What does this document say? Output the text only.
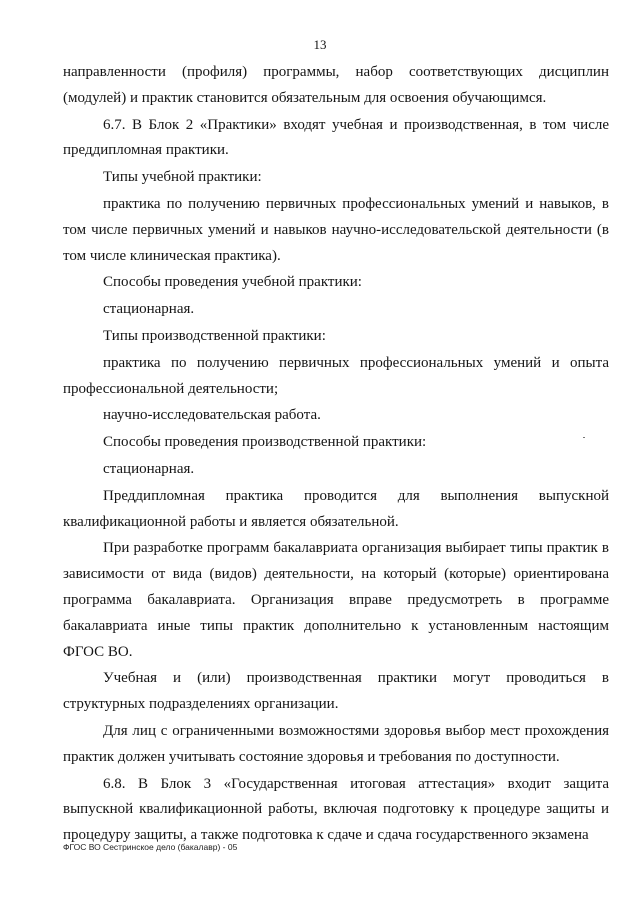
13

направленности (профиля) программы, набор соответствующих дисциплин (модулей) и практик становится обязательным для освоения обучающимся.

6.7. В Блок 2 «Практики» входят учебная и производственная, в том числе преддипломная практики.

Типы учебной практики:

практика по получению первичных профессиональных умений и навыков, в том числе первичных умений и навыков научно-исследовательской деятельности (в том числе клиническая практика).

Способы проведения учебной практики:

стационарная.

Типы производственной практики:

практика по получению первичных профессиональных умений и опыта профессиональной деятельности;

научно-исследовательская работа.

Способы проведения производственной практики:

стационарная.

Преддипломная практика проводится для выполнения выпускной квалификационной работы и является обязательной.

При разработке программ бакалавриата организация выбирает типы практик в зависимости от вида (видов) деятельности, на который (которые) ориентирована программа бакалавриата. Организация вправе предусмотреть в программе бакалавриата иные типы практик дополнительно к установленным настоящим ФГОС ВО.

Учебная и (или) производственная практики могут проводиться в структурных подразделениях организации.

Для лиц с ограниченными возможностями здоровья выбор мест прохождения практик должен учитывать состояние здоровья и требования по доступности.

6.8. В Блок 3 «Государственная итоговая аттестация» входит защита выпускной квалификационной работы, включая подготовку к процедуре защиты и процедуру защиты, а также подготовка к сдаче и сдача государственного экзамена

ФГОС ВО Сестринское дело (бакалавр) - 05
